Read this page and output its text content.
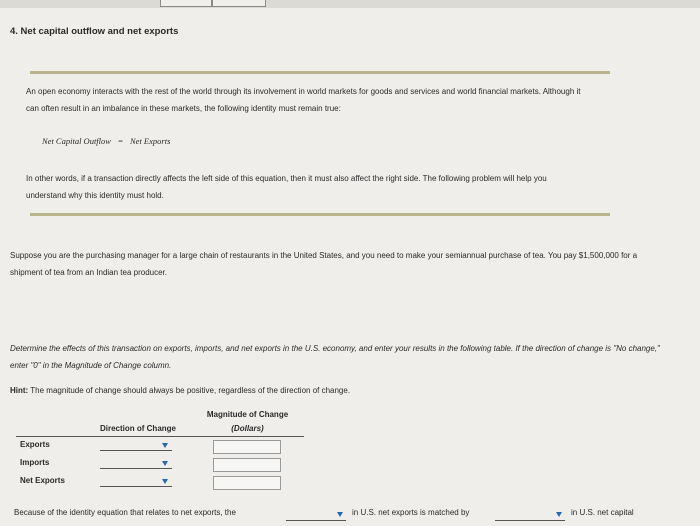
4. Net capital outflow and net exports
An open economy interacts with the rest of the world through its involvement in world markets for goods and services and world financial markets. Although it can often result in an imbalance in these markets, the following identity must remain true:
Net Capital Outflow = Net Exports
In other words, if a transaction directly affects the left side of this equation, then it must also affect the right side. The following problem will help you understand why this identity must hold.
Suppose you are the purchasing manager for a large chain of restaurants in the United States, and you need to make your semiannual purchase of tea. You pay $1,500,000 for a shipment of tea from an Indian tea producer.
Determine the effects of this transaction on exports, imports, and net exports in the U.S. economy, and enter your results in the following table. If the direction of change is "No change," enter "0" in the Magnitude of Change column.
Hint: The magnitude of change should always be positive, regardless of the direction of change.
Magnitude of Change
(Dollars)
Direction of Change
Exports
Imports
Net Exports
Because of the identity equation that relates to net exports, the	in U.S. net exports is matched by	in U.S. net capital
